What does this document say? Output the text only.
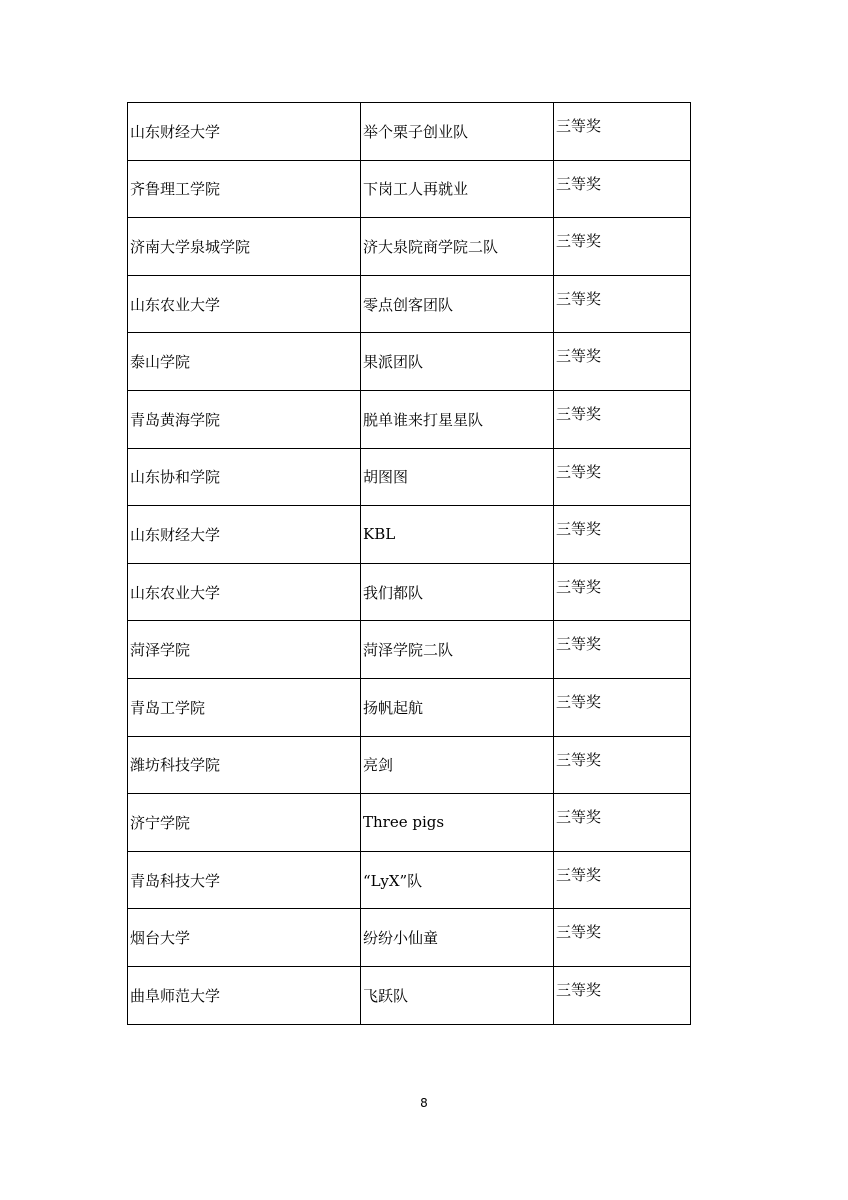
山东财经大学	举个栗子创业队	三等奖
齐鲁理工学院	下岗工人再就业	三等奖
济南大学泉城学院	济大泉院商学院二队	三等奖
山东农业大学	零点创客团队	三等奖
泰山学院	果派团队	三等奖
青岛黄海学院	脱单谁来打星星队	三等奖
山东协和学院	胡图图	三等奖
山东财经大学	KBL	三等奖
山东农业大学	我们都队	三等奖
菏泽学院	菏泽学院二队	三等奖
青岛工学院	扬帆起航	三等奖
潍坊科技学院	亮剑	三等奖
济宁学院	Three pigs	三等奖
青岛科技大学	“LyX”队	三等奖
烟台大学	纷纷小仙童	三等奖
曲阜师范大学	飞跃队	三等奖
8
